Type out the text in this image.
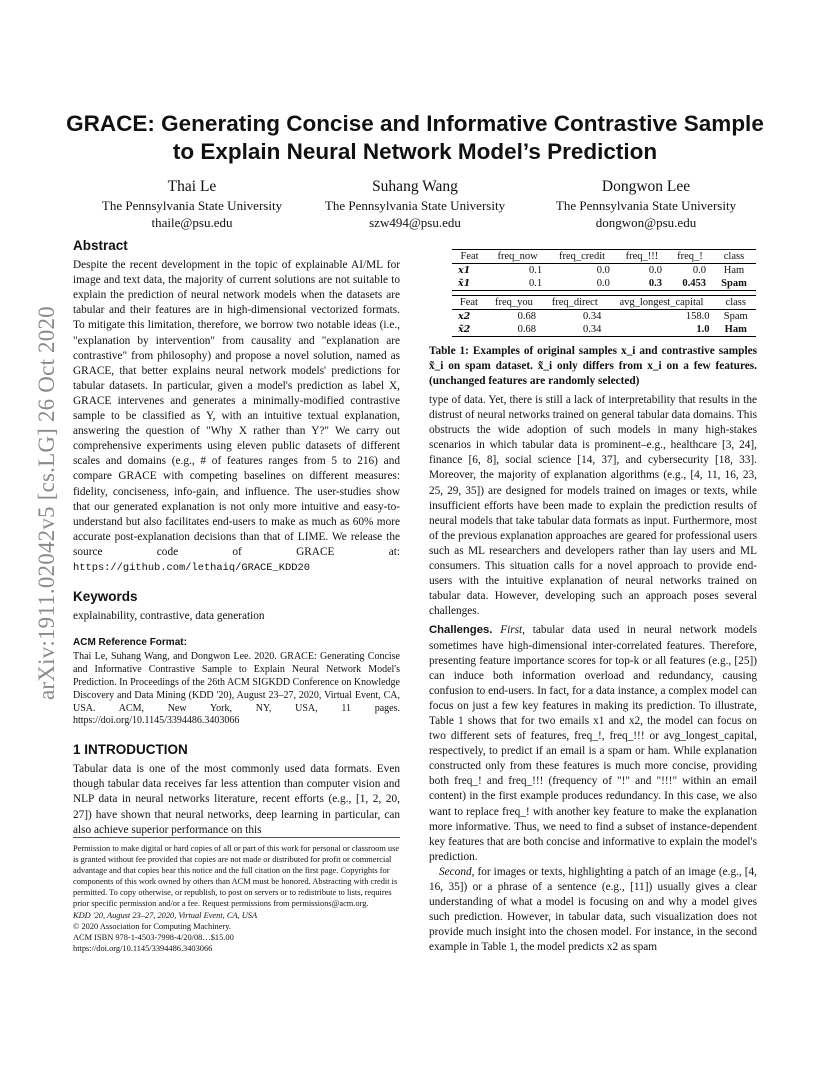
arXiv:1911.02042v5 [cs.LG] 26 Oct 2020
GRACE: Generating Concise and Informative Contrastive Sample to Explain Neural Network Model’s Prediction
Thai Le
The Pennsylvania State University
thaile@psu.edu
Suhang Wang
The Pennsylvania State University
szw494@psu.edu
Dongwon Lee
The Pennsylvania State University
dongwon@psu.edu
Abstract

Despite the recent development in the topic of explainable AI/ML for image and text data, the majority of current solutions are not suitable to explain the prediction of neural network models when the datasets are tabular and their features are in high-dimensional vectorized formats. To mitigate this limitation, therefore, we borrow two notable ideas (i.e., "explanation by intervention" from causality and "explanation are contrastive" from philosophy) and propose a novel solution, named as GRACE, that better explains neural network models' predictions for tabular datasets. In particular, given a model's prediction as label X, GRACE intervenes and generates a minimally-modified contrastive sample to be classified as Y, with an intuitive textual explanation, answering the question of "Why X rather than Y?" We carry out comprehensive experiments using eleven public datasets of different scales and domains (e.g., # of features ranges from 5 to 216) and compare GRACE with competing baselines on different measures: fidelity, conciseness, info-gain, and influence. The user-studies show that our generated explanation is not only more intuitive and easy-to-understand but also facilitates end-users to make as much as 60% more accurate post-explanation decisions than that of LIME. We release the source code of GRACE at: https://github.com/lethaiq/GRACE_KDD20

Keywords

explainability, contrastive, data generation

ACM Reference Format:

Thai Le, Suhang Wang, and Dongwon Lee. 2020. GRACE: Generating Concise and Informative Contrastive Sample to Explain Neural Network Model's Prediction. In Proceedings of the 26th ACM SIGKDD Conference on Knowledge Discovery and Data Mining (KDD '20), August 23–27, 2020, Virtual Event, CA, USA. ACM, New York, NY, USA, 11 pages. https://doi.org/10.1145/3394486.3403066

1 INTRODUCTION

Tabular data is one of the most commonly used data formats. Even though tabular data receives far less attention than computer vision and NLP data in neural networks literature, recent efforts (e.g., [1, 2, 20, 27]) have shown that neural networks, deep learning in particular, can also achieve superior performance on this

Permission to make digital or hard copies of all or part of this work for personal or classroom use is granted without fee provided that copies are not made or distributed for profit or commercial advantage and that copies bear this notice and the full citation on the first page. Copyrights for components of this work owned by others than ACM must be honored. Abstracting with credit is permitted. To copy otherwise, or republish, to post on servers or to redistribute to lists, requires prior specific permission and/or a fee. Request permissions from permissions@acm.org.

KDD '20, August 23–27, 2020, Virtual Event, CA, USA

© 2020 Association for Computing Machinery.

ACM ISBN 978-1-4503-7998-4/20/08…$15.00

https://doi.org/10.1145/3394486.3403066

Feat	freq_now	freq_credit	freq_!!!	freq_!	class
x1	0.1	0.0	0.0	0.0	Ham
x̃1	0.1	0.0	0.3	0.453	Spam
Feat	freq_you	freq_direct	avg_longest_capital	class
x2	0.68	0.34	158.0	Spam
x̃2	0.68	0.34	1.0	Ham

Table 1: Examples of original samples x_i and contrastive samples x̃_i on spam dataset. x̃_i only differs from x_i on a few features. (unchanged features are randomly selected)

type of data. Yet, there is still a lack of interpretability that results in the distrust of neural networks trained on general tabular data domains. This obstructs the wide adoption of such models in many high-stakes scenarios in which tabular data is prominent–e.g., healthcare [3, 24], finance [6, 8], social science [14, 37], and cybersecurity [18, 33]. Moreover, the majority of explanation algorithms (e.g., [4, 11, 16, 23, 25, 29, 35]) are designed for models trained on images or texts, while insufficient efforts have been made to explain the prediction results of neural models that take tabular data formats as input. Furthermore, most of the previous explanation approaches are geared for professional users such as ML researchers and developers rather than lay users and ML consumers. This situation calls for a novel approach to provide end-users with the intuitive explanation of neural networks trained on tabular data. However, developing such an approach poses several challenges.

Challenges. First, tabular data used in neural network models sometimes have high-dimensional inter-correlated features. Therefore, presenting feature importance scores for top-k or all features (e.g., [25]) can induce both information overload and redundancy, causing confusion to end-users. In fact, for a data instance, a complex model can focus on just a few key features in making its prediction. To illustrate, Table 1 shows that for two emails x1 and x2, the model can focus on two different sets of features, freq_!, freq_!!! or avg_longest_capital, respectively, to predict if an email is a spam or ham. While explanation constructed only from these features is much more concise, providing both freq_! and freq_!!! (frequency of "!" and "!!!" within an email content) in the first example produces redundancy. In this case, we also want to replace freq_! with another key feature to make the explanation more informative. Thus, we need to find a subset of instance-dependent key features that are both concise and informative to explain the model's prediction.

Second, for images or texts, highlighting a patch of an image (e.g., [4, 16, 35]) or a phrase of a sentence (e.g., [11]) usually gives a clear understanding of what a model is focusing on and why a model gives such prediction. However, in tabular data, such visualization does not provide much insight into the chosen model. For instance, in the second example in Table 1, the model predicts x2 as spam
